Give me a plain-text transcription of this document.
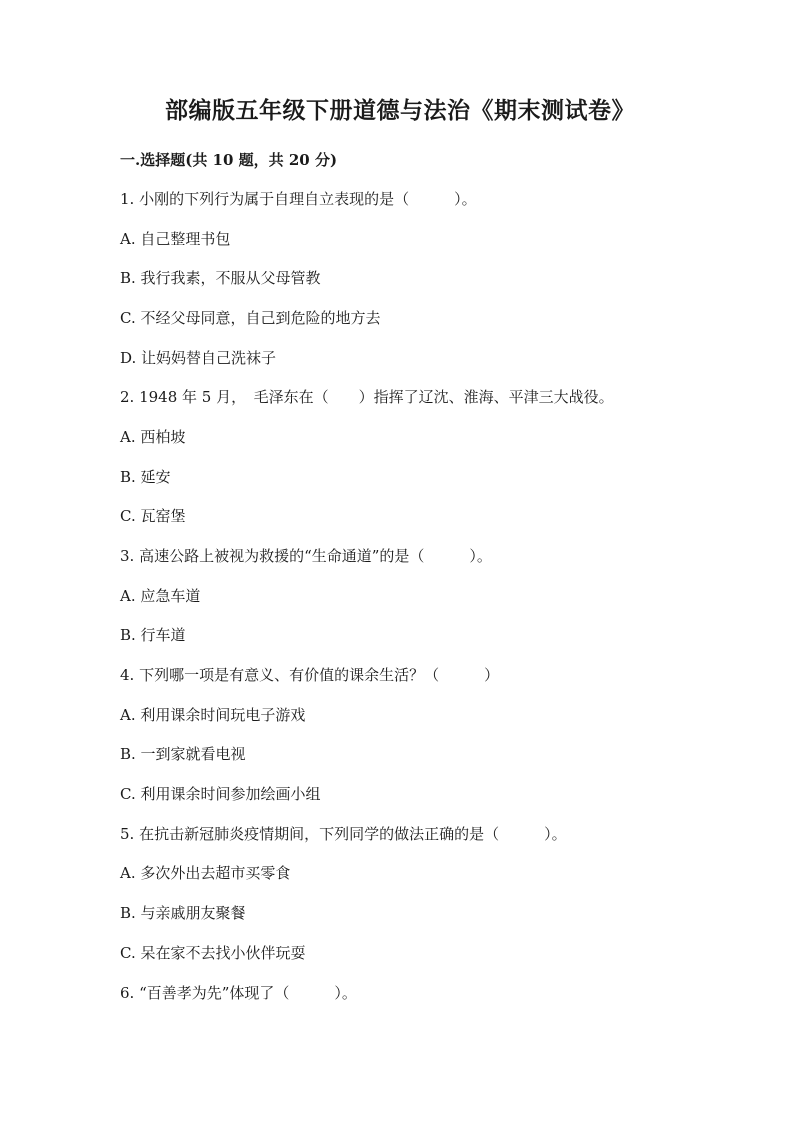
部编版五年级下册道德与法治《期末测试卷》
一.选择题(共 10 题，共 20 分)
1. 小刚的下列行为属于自理自立表现的是（　　　）。
A. 自己整理书包
B. 我行我素，不服从父母管教
C. 不经父母同意，自己到危险的地方去
D. 让妈妈替自己洗袜子
2. 1948 年 5 月，　毛泽东在（　　）指挥了辽沈、淮海、平津三大战役。
A. 西柏坡
B. 延安
C. 瓦窑堡
3. 高速公路上被视为救援的“生命通道”的是（　　　）。
A. 应急车道
B. 行车道
4. 下列哪一项是有意义、有价值的课余生活？（　　　）
A. 利用课余时间玩电子游戏
B. 一到家就看电视
C. 利用课余时间参加绘画小组
5. 在抗击新冠肺炎疫情期间，下列同学的做法正确的是（　　　）。
A. 多次外出去超市买零食
B. 与亲戚朋友聚餐
C. 呆在家不去找小伙伴玩耍
6. “百善孝为先”体现了（　　　）。
